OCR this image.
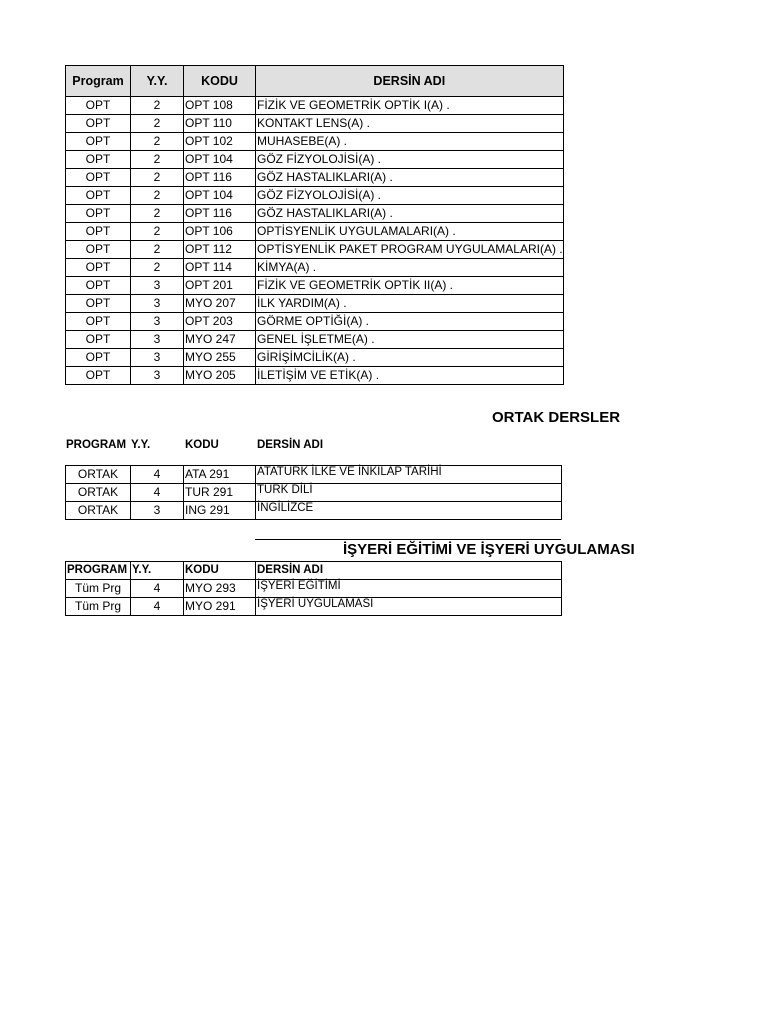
Program	Y.Y.	KODU	DERSİN ADI
OPT	2	OPT 108	FİZİK VE GEOMETRİK OPTİK I(A) .
OPT	2	OPT 110	KONTAKT LENS(A) .
OPT	2	OPT 102	MUHASEBE(A) .
OPT	2	OPT 104	GÖZ FİZYOLOJİSİ(A) .
OPT	2	OPT 116	GÖZ HASTALIKLARI(A) .
OPT	2	OPT 104	GÖZ FİZYOLOJİSİ(A) .
OPT	2	OPT 116	GÖZ HASTALIKLARI(A) .
OPT	2	OPT 106	OPTİSYENLİK UYGULAMALARI(A) .
OPT	2	OPT 112	OPTİSYENLİK PAKET PROGRAM UYGULAMALARI(A) .
OPT	2	OPT 114	KİMYA(A) .
OPT	3	OPT 201	FİZİK VE GEOMETRİK OPTİK II(A) .
OPT	3	MYO 207	İLK YARDIM(A) .
OPT	3	OPT 203	GÖRME OPTİĞİ(A) .
OPT	3	MYO 247	GENEL İŞLETME(A) .
OPT	3	MYO 255	GİRİŞİMCİLİK(A) .
OPT	3	MYO 205	İLETİŞİM VE ETİK(A) .
ORTAK DERSLER
PROGRAM Y.Y.	KODU	DERSİN ADI
ORTAK	4	ATA 291	ATATÜRK İLKE VE İNKILAP TARİHİ
ORTAK	4	TUR 291	TÜRK DİLİ
ORTAK	3	ING 291	İNGİLİZCE
İŞYERİ EĞİTİMİ VE İŞYERİ UYGULAMASI
PROGRAM	Y.Y.	KODU	DERSİN ADI
Tüm Prg	4	MYO 293	İŞYERİ EĞİTİMİ
Tüm Prg	4	MYO 291	İŞYERİ UYGULAMASI
